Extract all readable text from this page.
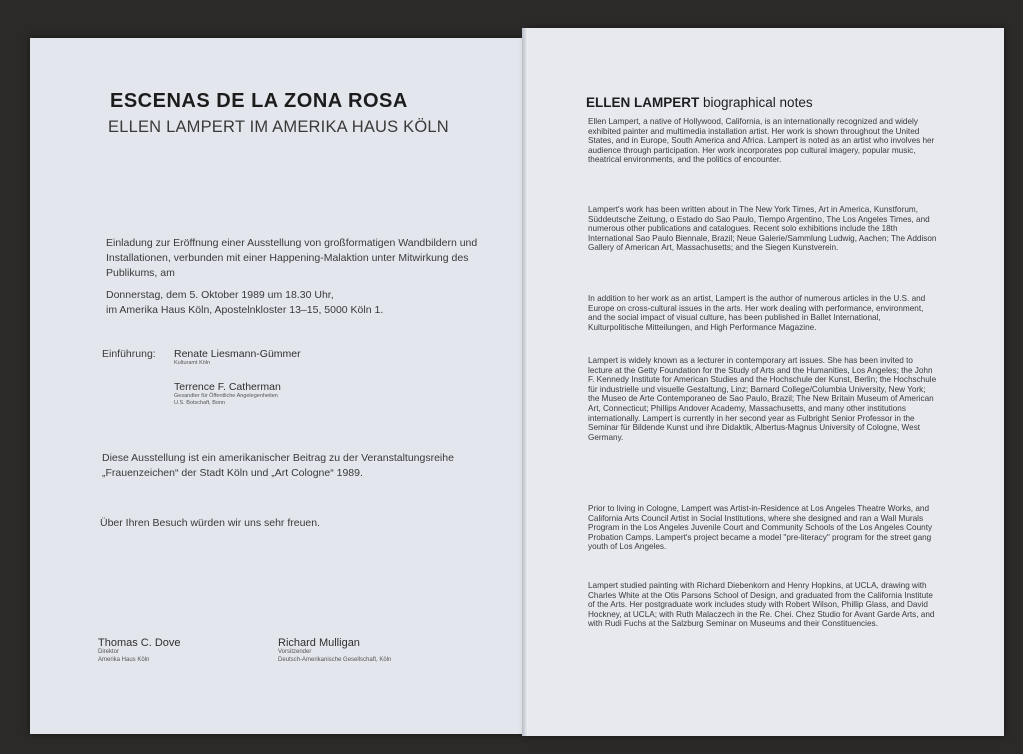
ESCENAS DE LA ZONA ROSA
ELLEN LAMPERT IM AMERIKA HAUS KÖLN
Einladung zur Eröffnung einer Ausstellung von großformatigen Wandbildern und Installationen, verbunden mit einer Happening-Malaktion unter Mitwirkung des Publikums, am
Donnerstag, dem 5. Oktober 1989 um 18.30 Uhr,
im Amerika Haus Köln, Apostelnkloster 13–15, 5000 Köln 1.
Einführung: Renate Liesmann-Gümmer
Kulturamt Köln
Terrence F. Catherman
Gesandter für Öffentliche Angelegenheiten
U.S. Botschaft, Bonn
Diese Ausstellung ist ein amerikanischer Beitrag zu der Veranstaltungsreihe „Frauenzeichen“ der Stadt Köln und „Art Cologne“ 1989.
Über Ihren Besuch würden wir uns sehr freuen.
Thomas C. Dove
Direktor
Amerika Haus Köln
Richard Mulligan
Vorsitzender
Deutsch-Amerikanische Gesellschaft, Köln
ELLEN LAMPERT biographical notes
Ellen Lampert, a native of Hollywood, California, is an internationally recognized and widely exhibited painter and multimedia installation artist. Her work is shown throughout the United States, and in Europe, South America and Africa. Lampert is noted as an artist who involves her audience through participation. Her work incorporates pop cultural imagery, popular music, theatrical environments, and the politics of encounter.
Lampert's work has been written about in The New York Times, Art in America, Kunstforum, Süddeutsche Zeitung, o Estado do Sao Paulo, Tiempo Argentino, The Los Angeles Times, and numerous other publications and catalogues. Recent solo exhibitions include the 18th International Sao Paulo Biennale, Brazil; Neue Galerie/Sammlung Ludwig, Aachen; The Addison Gallery of American Art, Massachusetts; and the Siegen Kunstverein.
In addition to her work as an artist, Lampert is the author of numerous articles in the U.S. and Europe on cross-cultural issues in the arts. Her work dealing with performance, environment, and the social impact of visual culture, has been published in Ballet International, Kulturpolitische Mitteilungen, and High Performance Magazine.
Lampert is widely known as a lecturer in contemporary art issues. She has been invited to lecture at the Getty Foundation for the Study of Arts and the Humanities, Los Angeles; the John F. Kennedy Institute for American Studies and the Hochschule der Kunst, Berlin; the Hochschule für industrielle und visuelle Gestaltung, Linz; Barnard College/Columbia University, New York; the Museo de Arte Contemporaneo de Sao Paulo, Brazil; The New Britain Museum of American Art, Connecticut; Phillips Andover Academy, Massachusetts, and many other institutions internationally. Lampert is currently in her second year as Fulbright Senior Professor in the Seminar für Bildende Kunst und ihre Didaktik, Albertus-Magnus University of Cologne, West Germany.
Prior to living in Cologne, Lampert was Artist-in-Residence at Los Angeles Theatre Works, and California Arts Council Artist in Social Institutions, where she designed and ran a Wall Murals Program in the Los Angeles Juvenile Court and Community Schools of the Los Angeles County Probation Camps. Lampert's project became a model "pre-literacy" program for the street gang youth of Los Angeles.
Lampert studied painting with Richard Diebenkorn and Henry Hopkins, at UCLA, drawing with Charles White at the Otis Parsons School of Design, and graduated from the California Institute of the Arts. Her postgraduate work includes study with Robert Wilson, Phillip Glass, and David Hockney, at UCLA; with Ruth Malaczech in the Re. Chei. Chez Studio for Avant Garde Arts, and with Rudi Fuchs at the Salzburg Seminar on Museums and their Constituencies.
